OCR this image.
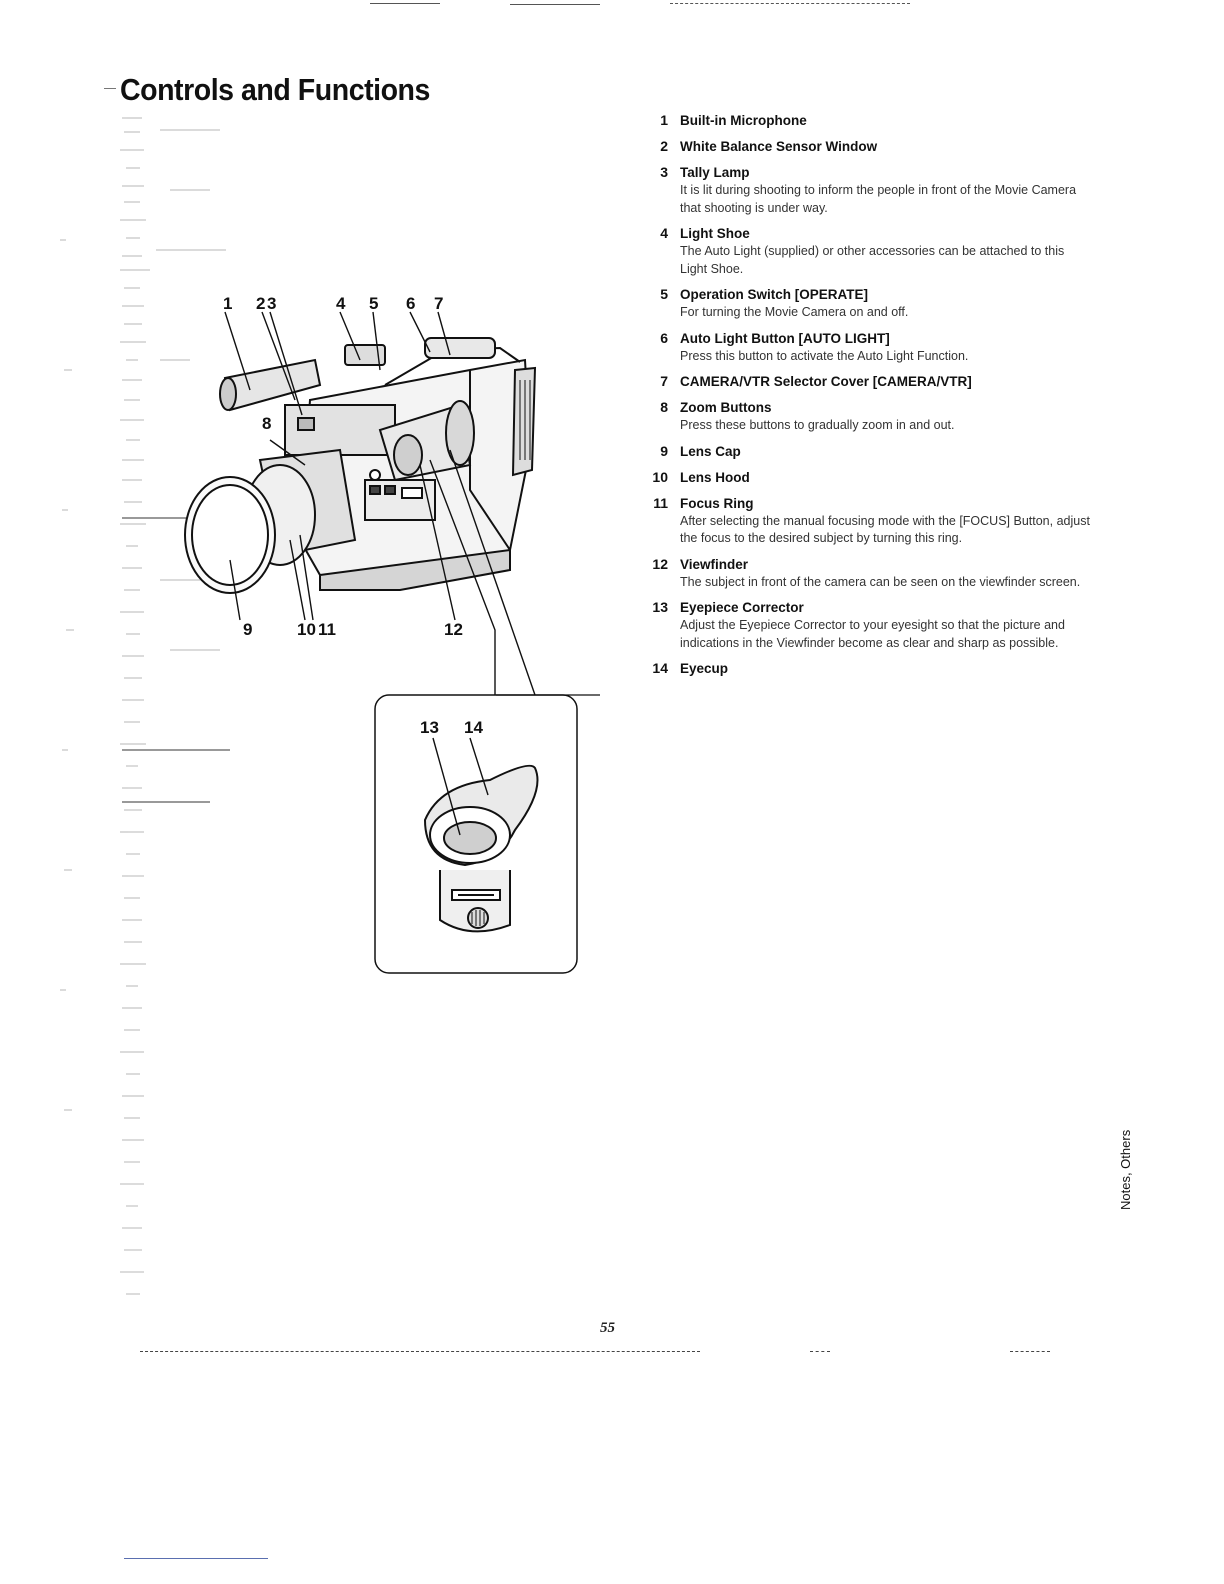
Controls and Functions
1 2 3	4 5 6 7
8
9	10 11	12
13 14
1 Built-in Microphone
2 White Balance Sensor Window
3 Tally Lamp
It is lit during shooting to inform the people in front of the Movie Camera that shooting is under way.
4 Light Shoe
The Auto Light (supplied) or other accessories can be attached to this Light Shoe.
5 Operation Switch [OPERATE]
For turning the Movie Camera on and off.
6 Auto Light Button [AUTO LIGHT]
Press this button to activate the Auto Light Function.
7 CAMERA/VTR Selector Cover [CAMERA/VTR]
8 Zoom Buttons
Press these buttons to gradually zoom in and out.
9 Lens Cap
10 Lens Hood
11 Focus Ring
After selecting the manual focusing mode with the [FOCUS] Button, adjust the focus to the desired subject by turning this ring.
12 Viewfinder
The subject in front of the camera can be seen on the viewfinder screen.
13 Eyepiece Corrector
Adjust the Eyepiece Corrector to your eyesight so that the picture and indications in the Viewfinder become as clear and sharp as possible.
14 Eyecup
Notes, Others
55
